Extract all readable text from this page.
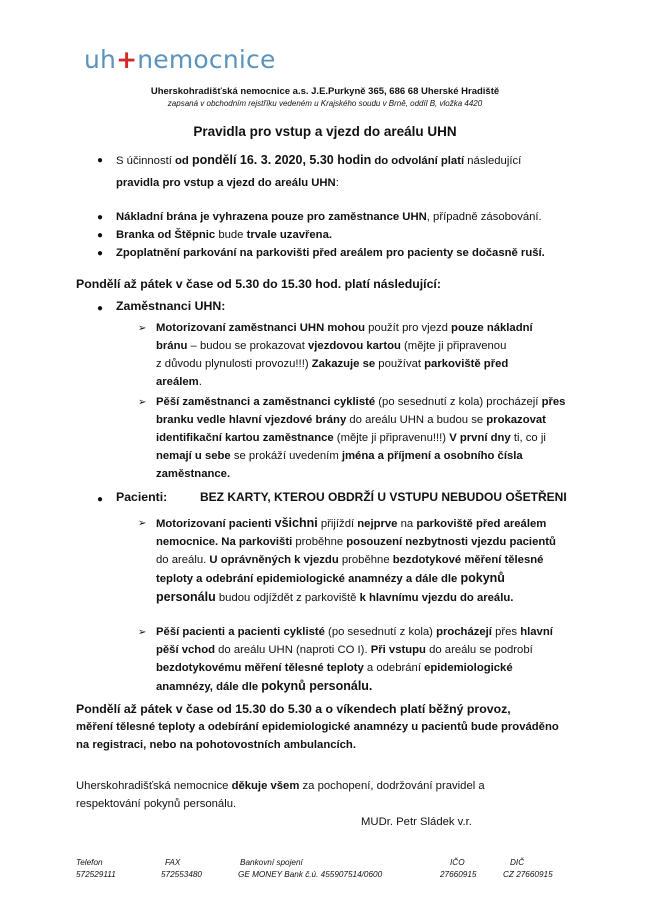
uh+nemocnice
Uherskohradišťská nemocnice a.s. J.E.Purkyně 365, 686 68 Uherské Hradiště
zapsaná v obchodním rejstříku vedeném u Krajského soudu v Brně, oddíl B, vložka 4420
Pravidla pro vstup a vjezd do areálu UHN
● S účinností od pondělí 16. 3. 2020, 5.30 hodin do odvolání platí následující
pravidla pro vstup a vjezd do areálu UHN:
● Nákladní brána je vyhrazena pouze pro zaměstnance UHN, případně zásobování.
● Branka od Štěpnic bude trvale uzavřena.
● Zpoplatnění parkování na parkovišti před areálem pro pacienty se dočasně ruší.
Pondělí až pátek v čase od 5.30 do 15.30 hod. platí následující:
● Zaměstnanci UHN:
➢ Motorizovaní zaměstnanci UHN mohou použít pro vjezd pouze nákladní
bránu – budou se prokazovat vjezdovou kartou (mějte ji připravenou
z důvodu plynulosti provozu!!!) Zakazuje se používat parkoviště před
areálem.
➢ Pěší zaměstnanci a zaměstnanci cyklisté (po sesednutí z kola) procházejí přes
branku vedle hlavní vjezdové brány do areálu UHN a budou se prokazovat
identifikační kartou zaměstnance (mějte ji připravenu!!!) V první dny ti, co ji
nemají u sebe se prokáží uvedením jména a příjmení a osobního čísla
zaměstnance.
● Pacienti:	BEZ KARTY, KTEROU OBDRŽÍ U VSTUPU NEBUDOU OŠETŘENI
➢ Motorizovaní pacienti všichni přijíždí nejprve na parkoviště před areálem
nemocnice. Na parkovišti proběhne posouzení nezbytnosti vjezdu pacientů
do areálu. U oprávněných k vjezdu proběhne bezdotykové měření tělesné
teploty a odebrání epidemiologické anamnézy a dále dle pokynů
personálu budou odjíždět z parkoviště k hlavnímu vjezdu do areálu.
➢ Pěší pacienti a pacienti cyklisté (po sesednutí z kola) procházejí přes hlavní
pěší vchod do areálu UHN (naproti CO I). Při vstupu do areálu se podrobí
bezdotykovému měření tělesné teploty a odebrání epidemiologické
anamnézy, dále dle pokynů personálu.
Pondělí až pátek v čase od 15.30 do 5.30 a o víkendech platí běžný provoz,
měření tělesné teploty a odebírání epidemiologické anamnézy u pacientů bude prováděno
na registraci, nebo na pohotovostních ambulancích.
Uherskohradišťská nemocnice děkuje všem za pochopení, dodržování pravidel a
respektování pokynů personálu.
MUDr. Petr Sládek v.r.
Telefon
572529111
FAX
572553480
Bankovní spojení
GE MONEY Bank č.ú. 455907514/0600
IČO
27660915
DIČ
CZ 27660915
